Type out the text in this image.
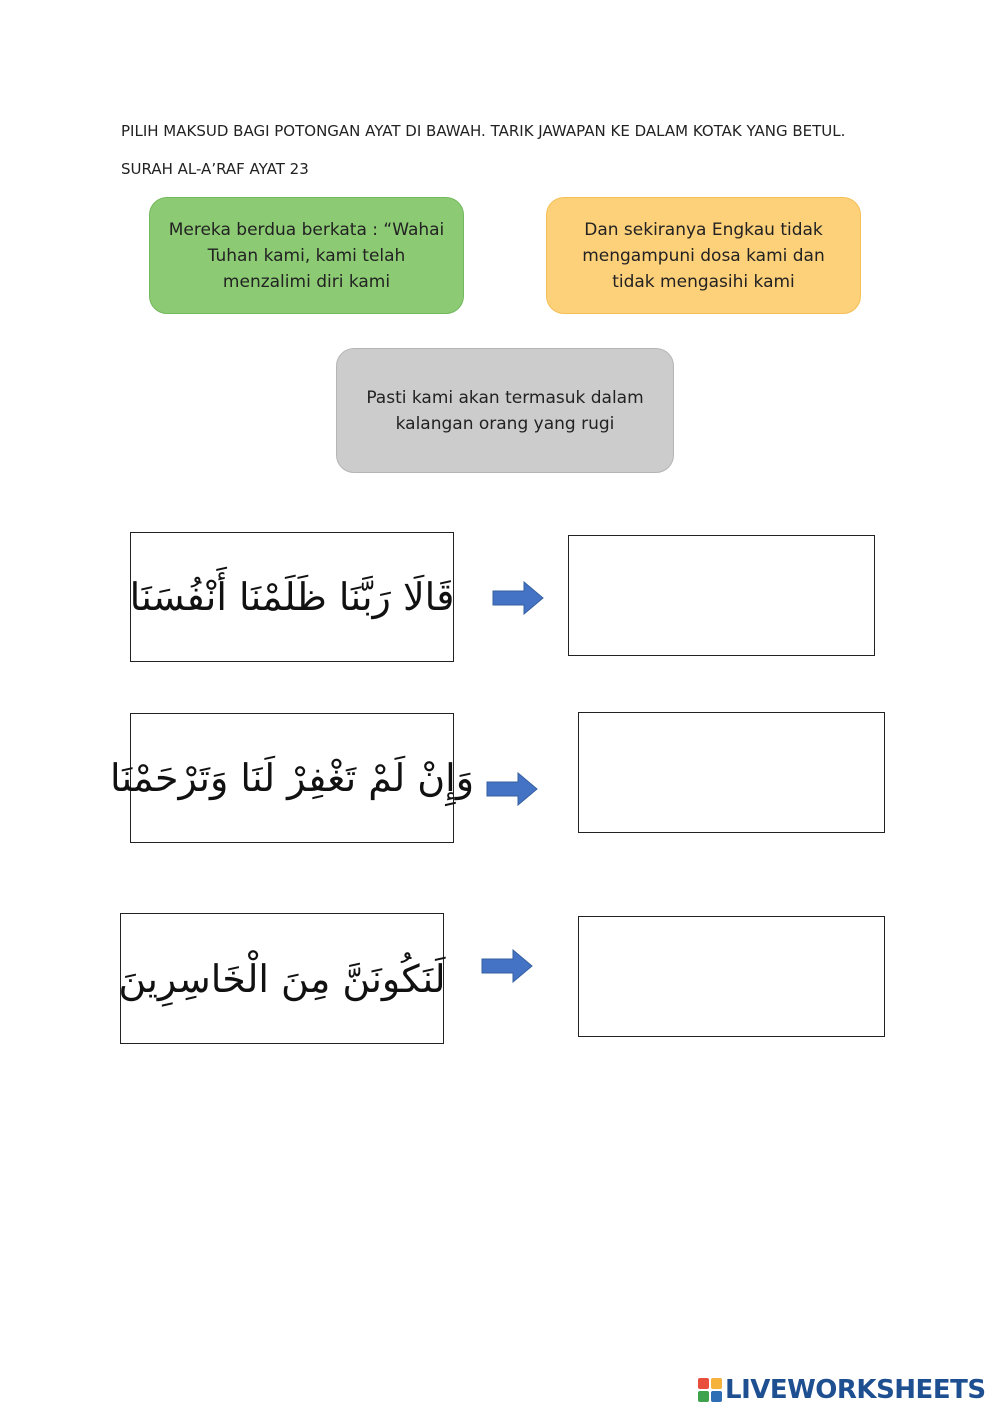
PILIH MAKSUD BAGI POTONGAN AYAT DI BAWAH. TARIK JAWAPAN KE DALAM KOTAK YANG BETUL.
SURAH AL-A’RAF AYAT 23
Mereka berdua berkata : “Wahai Tuhan kami, kami telah menzalimi diri kami
Dan sekiranya Engkau tidak mengampuni dosa kami dan tidak mengasihi kami
Pasti kami akan termasuk dalam kalangan orang yang rugi
قَالَا رَبَّنَا ظَلَمْنَا أَنْفُسَنَا
وَإِنْ لَمْ تَغْفِرْ لَنَا وَتَرْحَمْنَا
لَنَكُونَنَّ مِنَ الْخَاسِرِينَ
LIVEWORKSHEETS
